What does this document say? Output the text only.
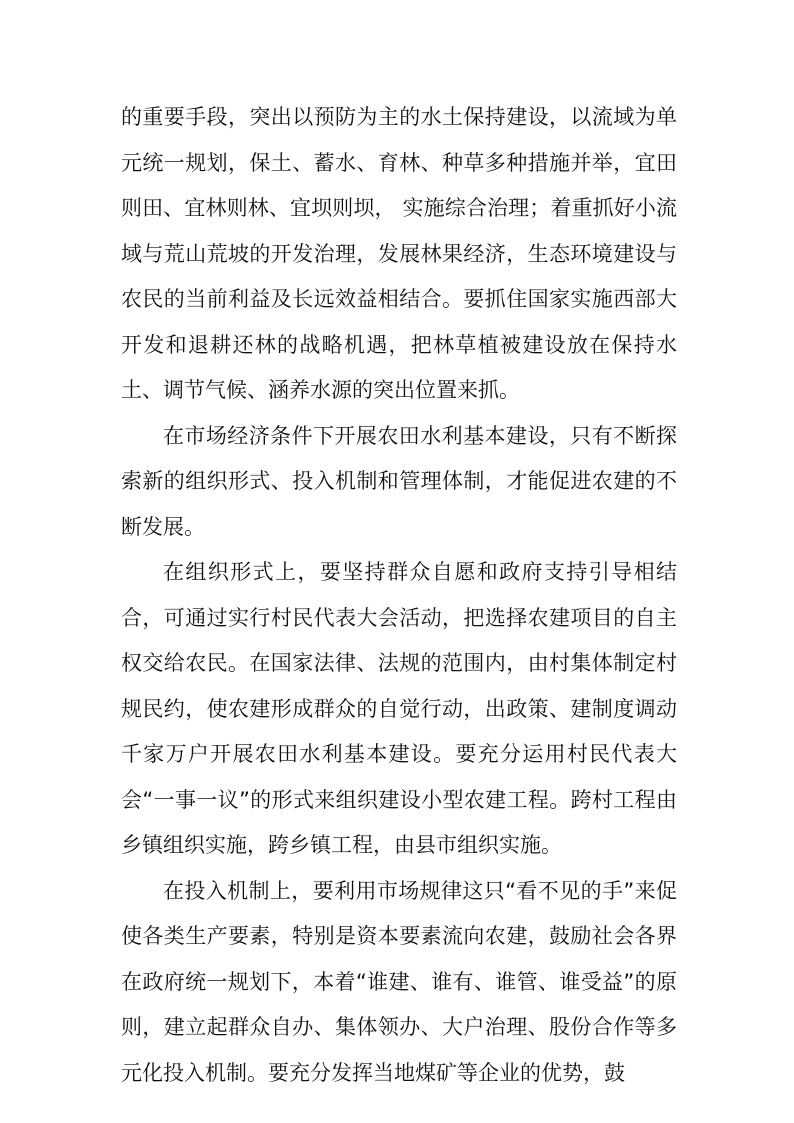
的重要手段，突出以预防为主的水土保持建设，以流域为单元统一规划，保土、蓄水、育林、种草多种措施并举，宜田则田、宜林则林、宜坝则坝， 实施综合治理；着重抓好小流域与荒山荒坡的开发治理，发展林果经济，生态环境建设与农民的当前利益及长远效益相结合。要抓住国家实施西部大开发和退耕还林的战略机遇，把林草植被建设放在保持水土、调节气候、涵养水源的突出位置来抓。

在市场经济条件下开展农田水利基本建设，只有不断探索新的组织形式、投入机制和管理体制，才能促进农建的不断发展。

在组织形式上，要坚持群众自愿和政府支持引导相结合，可通过实行村民代表大会活动，把选择农建项目的自主权交给农民。在国家法律、法规的范围内，由村集体制定村规民约，使农建形成群众的自觉行动，出政策、建制度调动千家万户开展农田水利基本建设。要充分运用村民代表大会“一事一议”的形式来组织建设小型农建工程。跨村工程由乡镇组织实施，跨乡镇工程，由县市组织实施。

在投入机制上，要利用市场规律这只“看不见的手”来促使各类生产要素，特别是资本要素流向农建，鼓励社会各界在政府统一规划下，本着“谁建、谁有、谁管、谁受益”的原则，建立起群众自办、集体领办、大户治理、股份合作等多元化投入机制。要充分发挥当地煤矿等企业的优势，鼓
